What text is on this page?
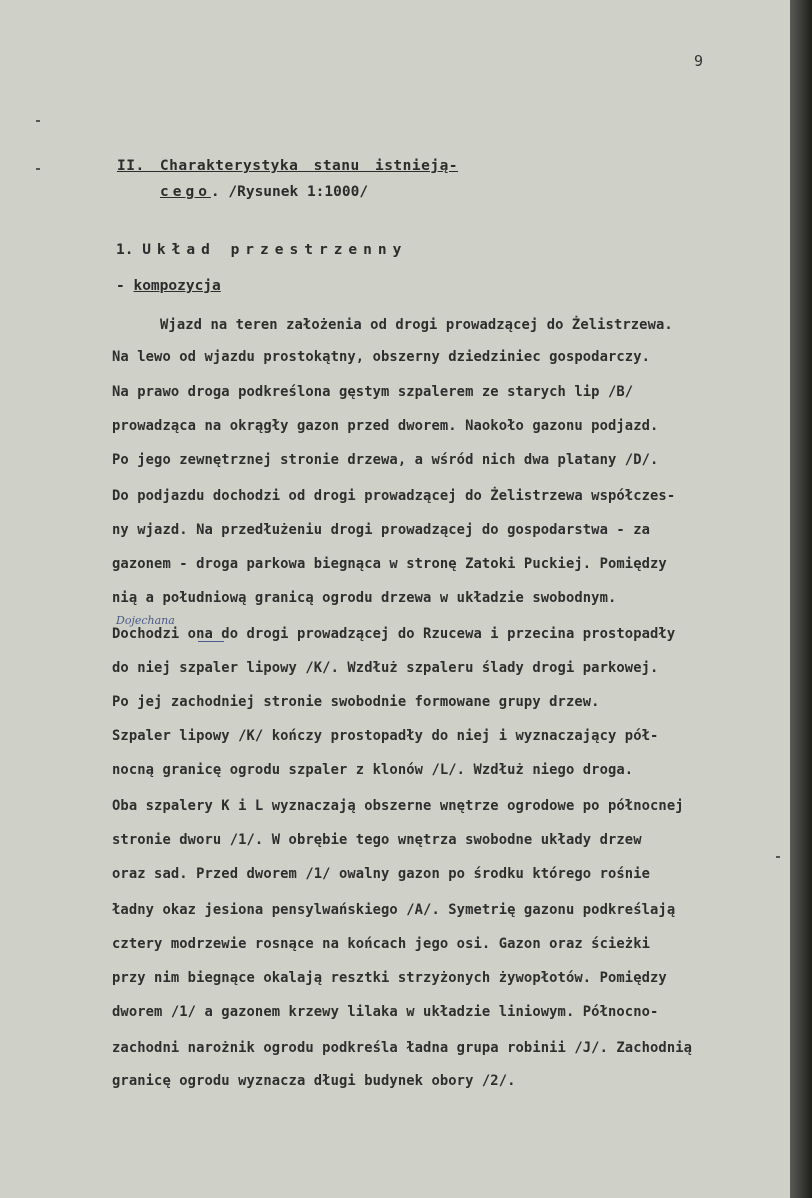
9
II. Charakterystyka stanu istnieją-
cego. /Rysunek 1:1000/
1. Układ przestrzenny
- kompozycja
Dojechana
Wjazd na teren założenia od drogi prowadzącej do Żelistrzewa.
Na lewo od wjazdu prostokątny, obszerny dziedziniec gospodarczy.
Na prawo droga podkreślona gęstym szpalerem ze starych lip /B/
prowadząca na okrągły gazon przed dworem. Naokoło gazonu podjazd.
Po jego zewnętrznej stronie drzewa, a wśród nich dwa platany /D/.
Do podjazdu dochodzi od drogi prowadzącej do Żelistrzewa współczes-
ny wjazd. Na przedłużeniu drogi prowadzącej do gospodarstwa - za
gazonem - droga parkowa biegnąca w stronę Zatoki Puckiej. Pomiędzy
nią a południową granicą ogrodu drzewa w układzie swobodnym.
Dochodzi ona do drogi prowadzącej do Rzucewa i przecina prostopadły
do niej szpaler lipowy /K/. Wzdłuż szpaleru ślady drogi parkowej.
Po jej zachodniej stronie swobodnie formowane grupy drzew.
Szpaler lipowy /K/ kończy prostopadły do niej i wyznaczający pół-
nocną granicę ogrodu szpaler z klonów /L/. Wzdłuż niego droga.
Oba szpalery K i L wyznaczają obszerne wnętrze ogrodowe po północnej
stronie dworu /1/. W obrębie tego wnętrza swobodne układy drzew
oraz sad. Przed dworem /1/ owalny gazon po środku którego rośnie
ładny okaz jesiona pensylwańskiego /A/. Symetrię gazonu podkreślają
cztery modrzewie rosnące na końcach jego osi. Gazon oraz ścieżki
przy nim biegnące okalają resztki strzyżonych żywopłotów. Pomiędzy
dworem /1/ a gazonem krzewy lilaka w układzie liniowym. Północno-
zachodni narożnik ogrodu podkreśla ładna grupa robinii /J/. Zachodnią
granicę ogrodu wyznacza długi budynek obory /2/.
